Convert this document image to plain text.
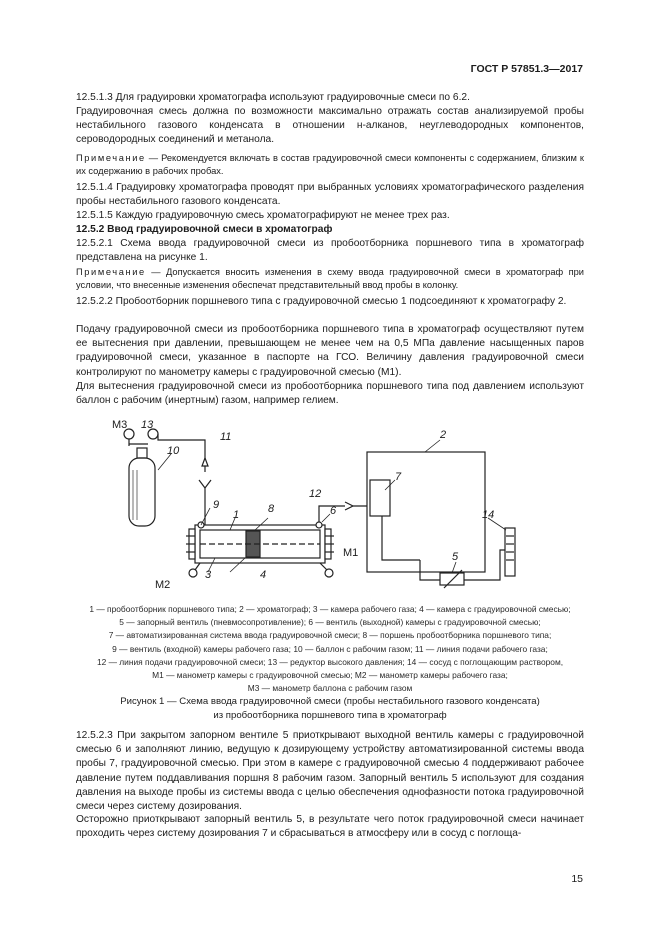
ГОСТ Р 57851.3—2017
12.5.1.3 Для градуировки хроматографа используют градуировочные смеси по 6.2.
Градуировочная смесь должна по возможности максимально отражать состав анализируемой пробы нестабильного газового конденсата в отношении н-алканов, неуглеводородных компонентов, сероводородных соединений и метанола.
Примечание — Рекомендуется включать в состав градуировочной смеси компоненты с содержанием, близким к их содержанию в рабочих пробах.
12.5.1.4 Градуировку хроматографа проводят при выбранных условиях хроматографического разделения пробы нестабильного газового конденсата.
12.5.1.5 Каждую градуировочную смесь хроматографируют не менее трех раз.
12.5.2 Ввод градуировочной смеси в хроматограф
12.5.2.1 Схема ввода градуировочной смеси из пробоотборника поршневого типа в хроматограф представлена на рисунке 1.
Примечание — Допускается вносить изменения в схему ввода градуировочной смеси в хроматограф при условии, что внесенные изменения обеспечат представительный ввод пробы в колонку.
12.5.2.2 Пробоотборник поршневого типа с градуировочной смесью 1 подсоединяют к хроматографу 2.
Подачу градуировочной смеси из пробоотборника поршневого типа в хроматограф осуществляют путем ее вытеснения при давлении, превышающем не менее чем на 0,5 МПа давление насыщенных паров градуировочной смеси, указанное в паспорте на ГСО. Величину давления градуировочной смеси контролируют по манометру камеры с градуировочной смесью (М1).
Для вытеснения градуировочной смеси из пробоотборника поршневого типа под давлением используют баллон с рабочим (инертным) газом, например гелием.
М3 13
11
10
9
1	8	6
12
7
2
14
5
3	4
М1
М2
1 — пробоотборник поршневого типа; 2 — хроматограф; 3 — камера рабочего газа; 4 — камера с градуировочной смесью;
5 — запорный вентиль (пневмосопротивление); 6 — вентиль (выходной) камеры с градуировочной смесью;
7 — автоматизированная система ввода градуировочной смеси; 8 — поршень пробоотборника поршневого типа;
9 — вентиль (входной) камеры рабочего газа; 10 — баллон с рабочим газом; 11 — линия подачи рабочего газа;
12 — линия подачи градуировочной смеси; 13 — редуктор высокого давления; 14 — сосуд с поглощающим раствором,
М1 — манометр камеры с градуировочной смесью; М2 — манометр камеры рабочего газа;
М3 — манометр баллона с рабочим газом
Рисунок 1 — Схема ввода градуировочной смеси (пробы нестабильного газового конденсата)
из пробоотборника поршневого типа в хроматограф
12.5.2.3 При закрытом запорном вентиле 5 приоткрывают выходной вентиль камеры с градуировочной смесью 6 и заполняют линию, ведущую к дозирующему устройству автоматизированной системы ввода пробы 7, градуировочной смесью. При этом в камере с градуировочной смесью 4 поддерживают рабочее давление путем поддавливания поршня 8 рабочим газом. Запорный вентиль 5 используют для создания давления на выходе пробы из системы ввода с целью обеспечения однофазности потока градуировочной смеси через систему дозирования.
Осторожно приоткрывают запорный вентиль 5, в результате чего поток градуировочной смеси начинает проходить через систему дозирования 7 и сбрасываться в атмосферу или в сосуд с поглоща-
15
